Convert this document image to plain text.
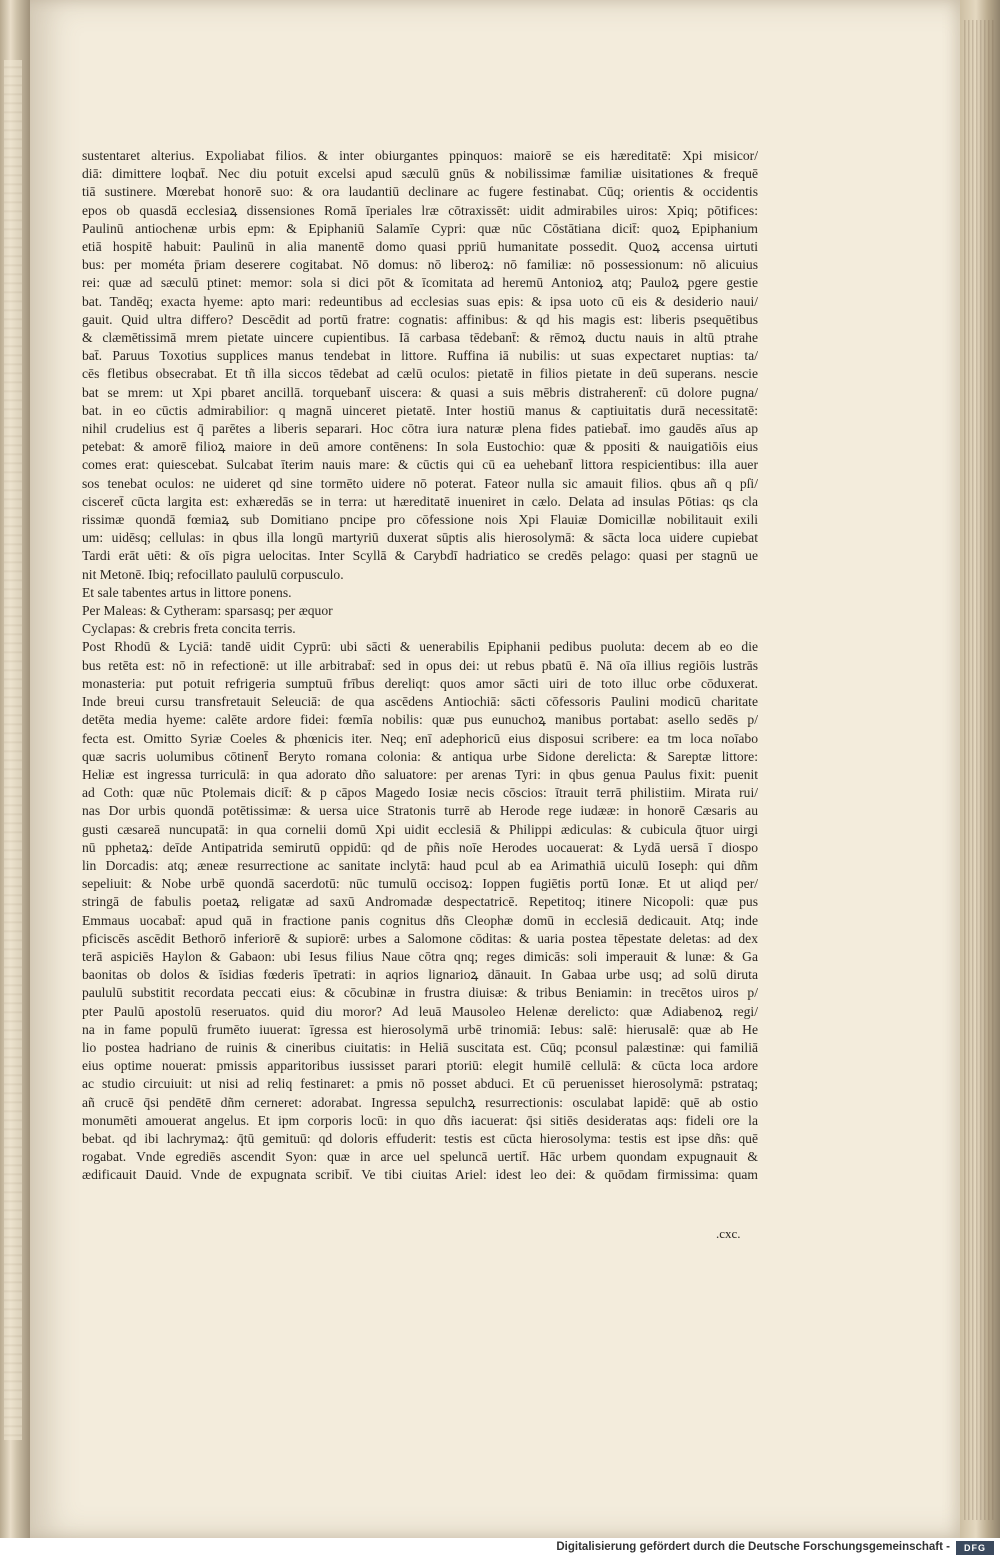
sustentaret alterius. Expoliabat filios. & inter obiurgantes ppinquos: maiorē se eis hæreditatē: Xpi misicor/
diā: dimittere loqbat̄. Nec diu potuit excelsi apud sæculū gnūs & nobilissimæ familiæ uisitationes & frequē
tiā sustinere. Mœrebat honorē suo: & ora laudantiū declinare ac fugere festinabat. Cūq; orientis & occidentis
epos ob quasdā ecclesiaꝝ dissensiones Romā īperiales lræ cōtraxissēt: uidit admirabiles uiros: Xpiq; pōtifices:
Paulinū antiochenæ urbis epm: & Epiphaniū Salamīe Cypri: quæ nūc Cōstātiana dicit̄: quoꝝ Epiphanium
etiā hospitē habuit: Paulinū in alia manentē domo quasi ppriū humanitate possedit. Quoꝝ accensa uirtuti
bus: per mométa p̄riam deserere cogitabat. Nō domus: nō liberoꝝ: nō familiæ: nō possessionum: nō alicuius
rei: quæ ad sæculū ptinet: memor: sola si dici pōt & īcomitata ad heremū Antonioꝝ atq; Pauloꝝ pgere gestie
bat. Tandēq; exacta hyeme: apto mari: redeuntibus ad ecclesias suas epis: & ipsa uoto cū eis & desiderio naui/
gauit. Quid ultra differo? Descēdit ad portū fratre: cognatis: affinibus: & qd his magis est: liberis psequētibus
& clæmētissimā mrem pietate uincere cupientibus. Iā carbasa tēdebant̄: & rēmoꝝ ductu nauis in altū ptrahe
bat̄. Paruus Toxotius supplices manus tendebat in littore. Ruffina iā nubilis: ut suas expectaret nuptias: ta/
cēs fletibus obsecrabat. Et tñ illa siccos tēdebat ad cælū oculos: pietatē in filios pietate in deū superans. nescie
bat se mrem: ut Xpi pbaret ancillā. torquebant̄ uiscera: & quasi a suis mēbris distraherent̄: cū dolore pugna/
bat. in eo cūctis admirabilior: q magnā uinceret pietatē. Inter hostiū manus & captiuitatis durā necessitatē:
nihil crudelius est q̄ parētes a liberis separari. Hoc cōtra iura naturæ plena fides patiebat̄. imo gaudēs aīus ap
petebat: & amorē filioꝝ maiore in deū amore contēnens: In sola Eustochio: quæ & ppositi & nauigatiōis eius
comes erat: quiescebat. Sulcabat īterim nauis mare: & cūctis qui cū ea uehebant̄ littora respicientibus: illa auer
sos tenebat oculos: ne uideret qd sine tormēto uidere nō poterat. Fateor nulla sic amauit filios. qbus añ q pſi/
cisceret̄ cūcta largita est: exhæredās se in terra: ut hæreditatē inueniret in cælo. Delata ad insulas Pōtias: qs cla
rissimæ quondā fœmiaꝝ sub Domitiano pncipe pro cōfessione nois Xpi Flauiæ Domicillæ nobilitauit exili
um: uidēsq; cellulas: in qbus illa longū martyriū duxerat sūptis alis hierosolymā: & sācta loca uidere cupiebat
Tardi erāt uēti: & oīs pigra uelocitas. Inter Scyllā & Carybdī hadriatico se credēs pelago: quasi per stagnū ue
nit Metonē. Ibiq; refocillato paululū corpusculo.
Et sale tabentes artus in littore ponens.
Per Maleas: & Cytheram: sparsasq; per æquor
Cyclapas: & crebris freta concita terris.
Post Rhodū & Lyciā: tandē uidit Cyprū: ubi sācti & uenerabilis Epiphanii pedibus puoluta: decem ab eo die
bus retēta est: nō in refectionē: ut ille arbitrabat̄: sed in opus dei: ut rebus pbatū ē. Nā oīa illius regiōis lustrās
monasteria: put potuit refrigeria sumptuū frībus dereliqt: quos amor sācti uiri de toto illuc orbe cōduxerat.
Inde breui cursu transfretauit Seleuciā: de qua ascēdens Antiochiā: sācti cōfessoris Paulini modicū charitate
detēta media hyeme: calēte ardore fidei: fœmīa nobilis: quæ pus eunuchoꝝ manibus portabat: asello sedēs p/
fecta est. Omitto Syriæ Coeles & phœnicis iter. Neq; enī adephoricū eius disposui scribere: ea tm loca noīabo
quæ sacris uolumibus cōtinent̄ Beryto romana colonia: & antiqua urbe Sidone derelicta: & Sareptæ littore:
Heliæ est ingressa turriculā: in qua adorato dño saluatore: per arenas Tyri: in qbus genua Paulus fixit: puenit
ad Coth: quæ nūc Ptolemais dicit̄: & p cāpos Magedo Iosiæ necis cōscios: ītrauit terrā philistiim. Mirata rui/
nas Dor urbis quondā potētissimæ: & uersa uice Stratonis turrē ab Herode rege iudææ: in honorē Cæsaris au
gusti cæsareā nuncupatā: in qua cornelii domū Xpi uidit ecclesiā & Philippi ædiculas: & cubicula q̄tuor uirgi
nū pphetaꝝ: deīde Antipatrida semirutū oppidū: qd de pñis noīe Herodes uocauerat: & Lydā uersā ī diospo
lin Dorcadis: atq; æneæ resurrectione ac sanitate inclytā: haud pcul ab ea Arimathiā uiculū Ioseph: qui dñm
sepeliuit: & Nobe urbē quondā sacerdotū: nūc tumulū occisoꝝ: Ioppen fugiētis portū Ionæ. Et ut aliqd per/
stringā de fabulis poetaꝝ religatæ ad saxū Andromadæ despectatricē. Repetitoq; itinere Nicopoli: quæ pus
Emmaus uocabat̄: apud quā in fractione panis cognitus dñs Cleophæ domū in ecclesiā dedicauit. Atq; inde
pficiscēs ascēdit Bethorō inferiorē & supiorē: urbes a Salomone cōditas: & uaria postea tēpestate deletas: ad dex
terā aspiciēs Haylon & Gabaon: ubi Iesus filius Naue cōtra qnq; reges dimicās: soli imperauit & lunæ: & Ga
baonitas ob dolos & īsidias fœderis īpetrati: in aqrios lignarioꝝ dānauit. In Gabaa urbe usq; ad solū diruta
paululū substitit recordata peccati eius: & cōcubinæ in frustra diuisæ: & tribus Beniamin: in trecētos uiros p/
pter Paulū apostolū reseruatos. quid diu moror? Ad leuā Mausoleo Helenæ derelicto: quæ Adiabenoꝝ regi/
na in fame populū frumēto iuuerat: īgressa est hierosolymā urbē trinomiā: Iebus: salē: hierusalē: quæ ab He
lio postea hadriano de ruinis & cineribus ciuitatis: in Heliā suscitata est. Cūq; pconsul palæstinæ: qui familiā
eius optime nouerat: pmissis apparitoribus iussisset parari ptoriū: elegit humilē cellulā: & cūcta loca ardore
ac studio circuiuit: ut nisi ad reliq festinaret: a pmis nō posset abduci. Et cū peruenisset hierosolymā: pstrataq;
añ crucē q̄si pendētē dñm cerneret: adorabat. Ingressa sepulchꝝ resurrectionis: osculabat lapidē: quē ab ostio
monumēti amouerat angelus. Et ipm corporis locū: in quo dñs iacuerat: q̄si sitiēs desideratas aqs: fideli ore la
bebat. qd ibi lachrymaꝝ: q̄tū gemituū: qd doloris effuderit: testis est cūcta hierosolyma: testis est ipse dñs: quē
rogabat. Vnde egrediēs ascendit Syon: quæ in arce uel speluncā uertit̄. Hāc urbem quondam expugnauit &
ædificauit Dauid. Vnde de expugnata scribit̄. Ve tibi ciuitas Ariel: idest leo dei: & quōdam firmissima: quam
.cxc.
Digitalisierung gefördert durch die Deutsche Forschungsgemeinschaft -	DFG
